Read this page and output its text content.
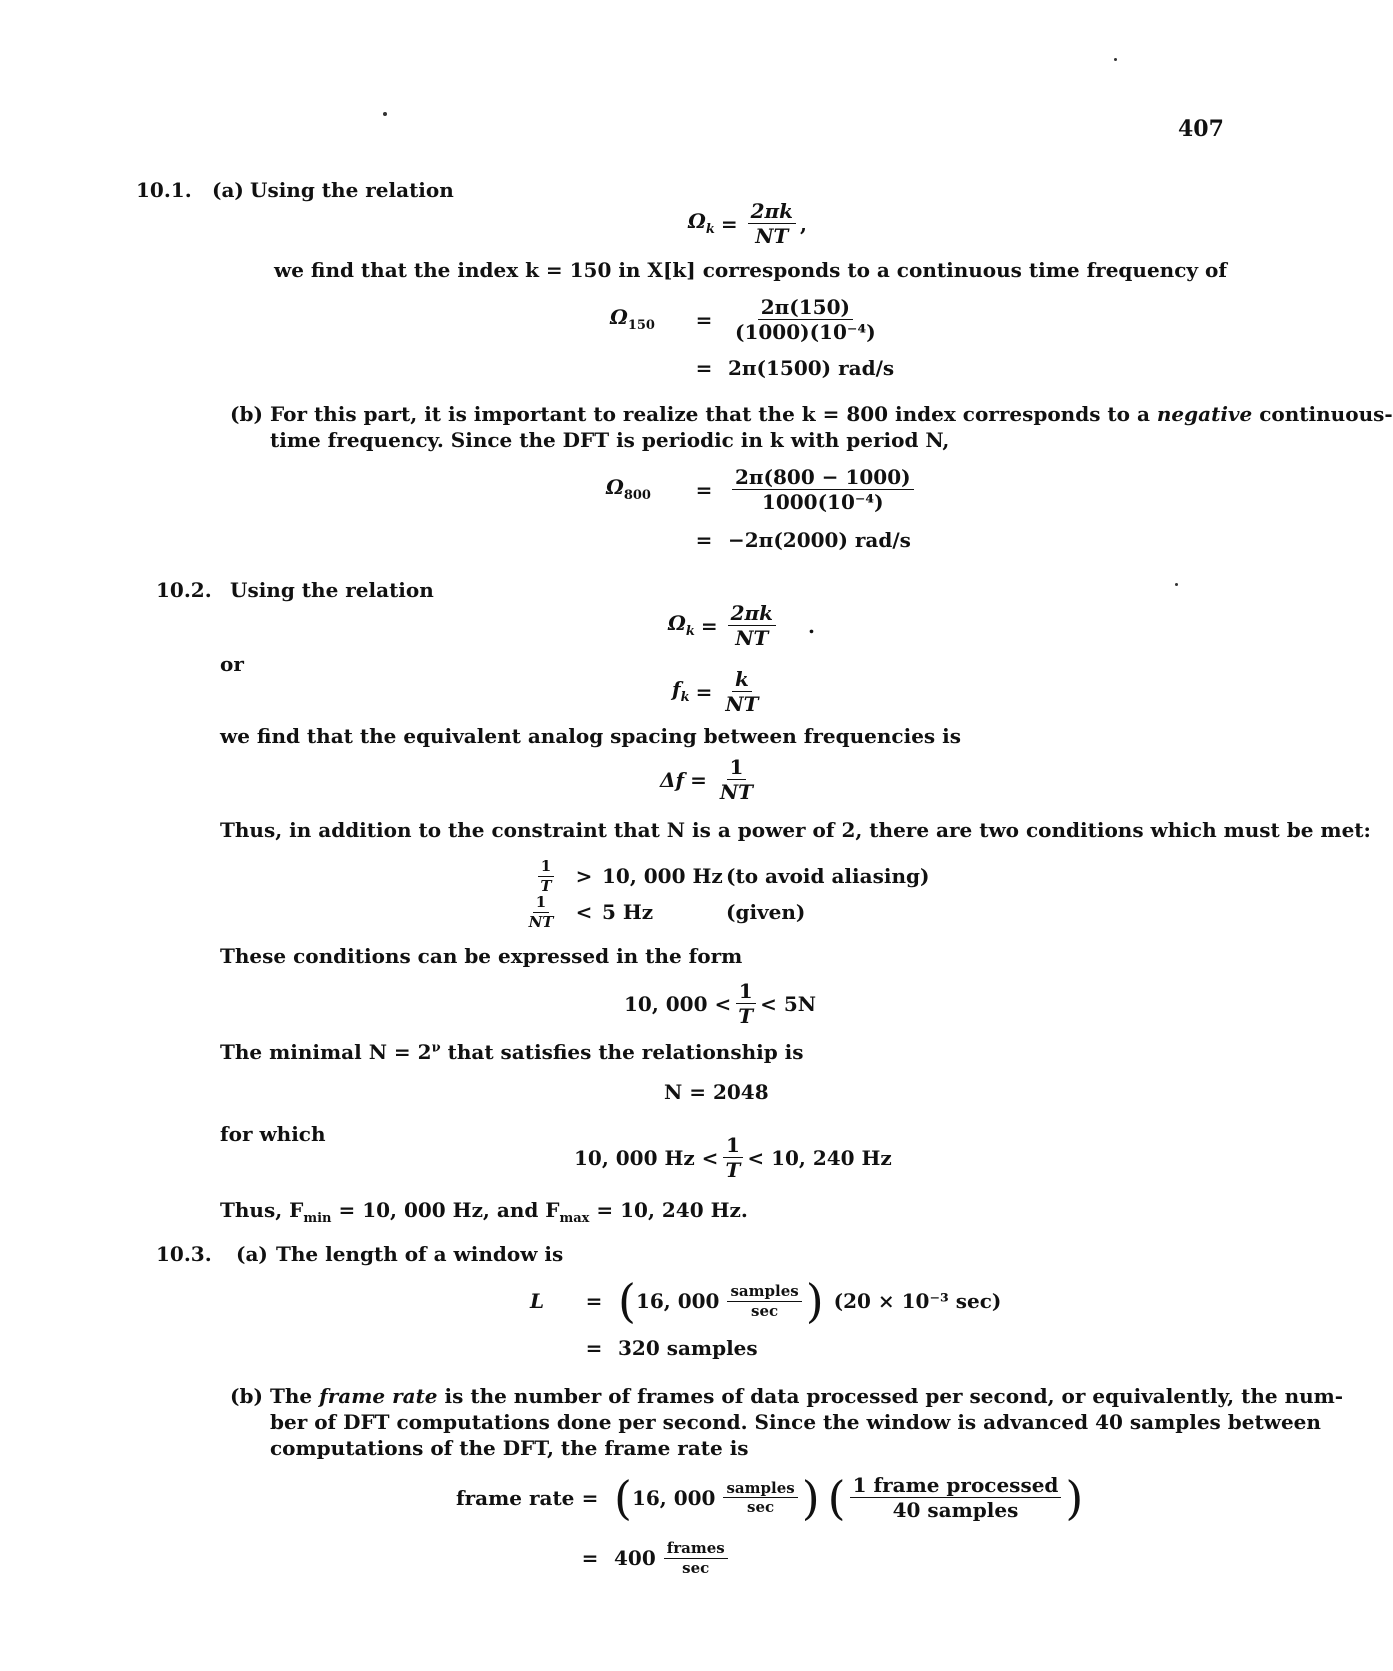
407
10.1. (a) Using the relation
$\Omega_k = \frac{2\pi k}{NT}$ ,
we find that the index k = 150 in X[k] corresponds to a continuous time frequency of
$\Omega_{150}$	= $\frac{2\pi(150)}{\text{(1000)(10⁻⁴)}}$
= 2π(1500) rad/s
(b) For this part, it is important to realize that the k = 800 index corresponds to a negative continuous-
time frequency. Since the DFT is periodic in k with period N,
$\Omega_{800}$	= $\frac{2\pi(800 - 1000)}{\text{1000(10⁻⁴)}}$
= −2π(2000) rad/s
10.2. Using the relation
$\Omega_k = \frac{2\pi k}{NT}$ .
or
$f_k = \frac{k}{NT}$
we find that the equivalent analog spacing between frequencies is
$\Delta f = \frac{1}{NT}$
Thus, in addition to the constraint that N is a power of 2, there are two conditions which must be met:
$\frac{1}{T} > 10$, 000 Hz (to avoid aliasing)
$\frac{1}{NT} < 5$ Hz	(given)
These conditions can be expressed in the form
10, $000 < \frac{1}{T} < 5N$
The minimal $N = 2^\nu$ that satisfies the relationship is
N = 2048
for which
10, 000 $Hz < \frac{1}{T} < 10$, 240 Hz
Thus, $F_{min} = 10$, 000 Hz, and $F_{max} = 10$, 240 Hz.
10.3. (a) The length of a window is
L	= ( 16, $000 \frac{\text{samples}}{\sec}$ ) (20 × 10⁻³ sec)
= 320 samples
(b) The frame rate is the number of frames of data processed per second, or equivalently, the num-
ber of DFT computations done per second. Since the window is advanced 40 samples between
computations of the DFT, the frame rate is
frame rate = ( 16, $000 \frac{\text{samples}}{\sec}$ ) ( $\frac{\text{1 frame processed}}{\text{40 samples}}$ )
= $400 \frac{\text{frames}}{\sec}$
